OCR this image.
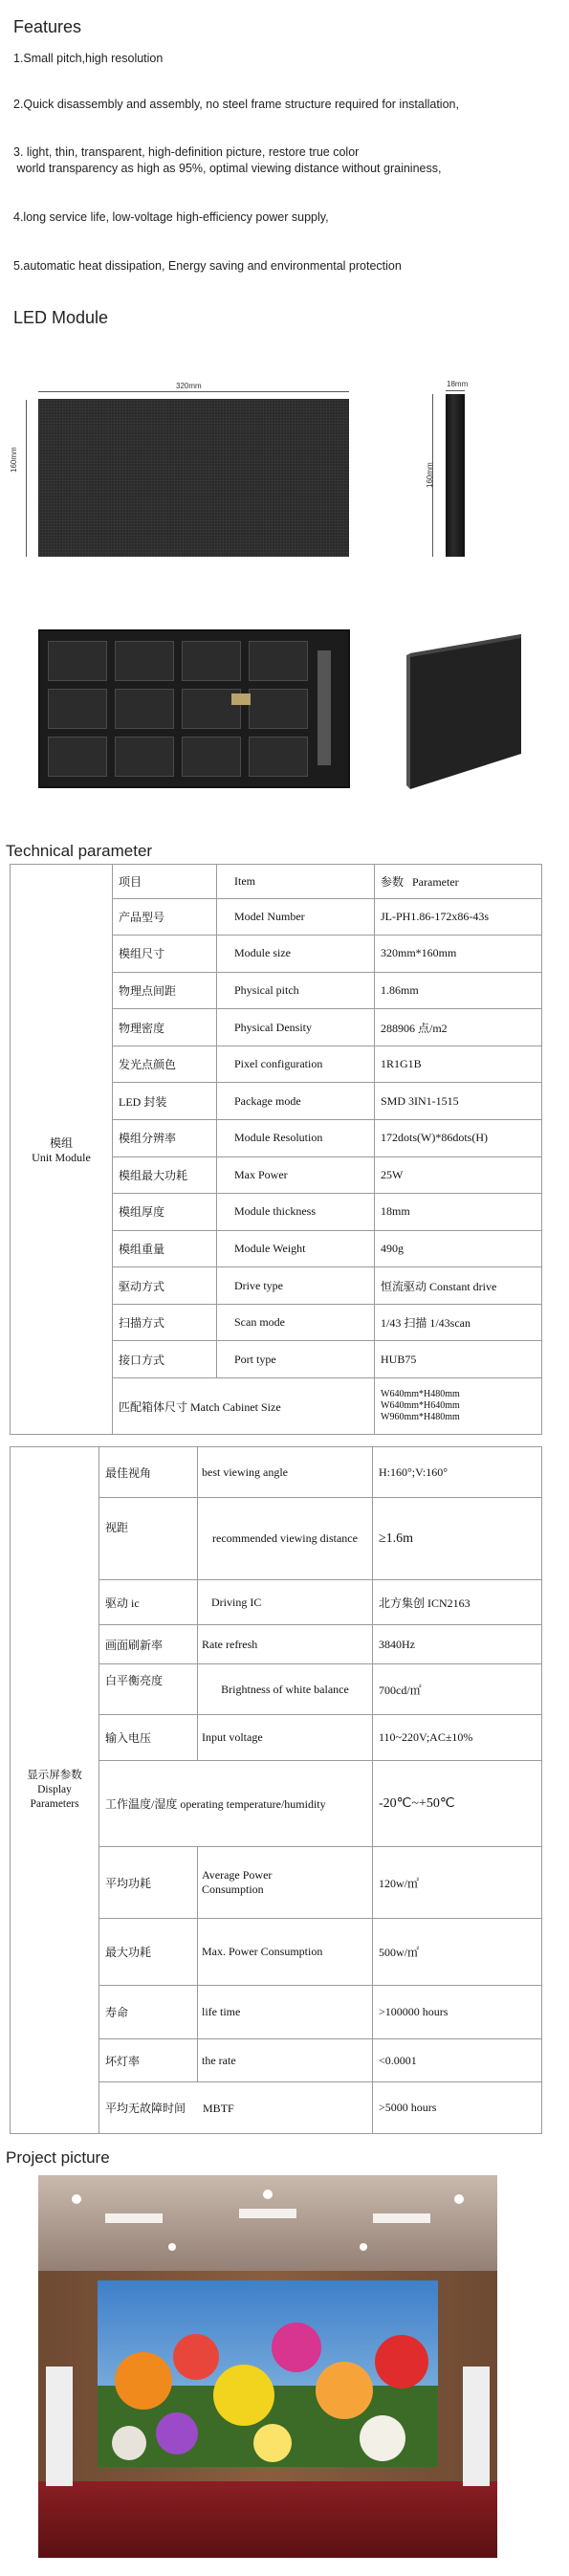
Features
1.Small pitch,high resolution
2.Quick disassembly and assembly, no steel frame structure required for installation,
3. light, thin, transparent, high-definition picture, restore true color
world transparency as high as 95%, optimal viewing distance without graininess,
4.long service life, low-voltage high-efficiency power supply,
5.automatic heat dissipation, Energy saving and environmental protection
LED Module
320mm
160mm
18mm
160mm
Technical parameter
模组
Unit Module	项目	Item	参数   Parameter
	产品型号	Model Number	JL-PH1.86-172x86-43s
	模组尺寸	Module size	320mm*160mm
	物理点间距	Physical pitch	1.86mm
	物理密度	Physical Density	288906 点/m2
	发光点颜色	Pixel configuration	1R1G1B
	LED 封装	Package mode	SMD 3IN1-1515
	模组分辨率	Module Resolution	172dots(W)*86dots(H)
	模组最大功耗	Max Power	25W
	模组厚度	Module thickness	18mm
	模组重量	Module Weight	490g
	驱动方式	Drive type	恒流驱动 Constant drive
	扫描方式	Scan mode	1/43 扫描 1/43scan
	接口方式	Port type	HUB75
	匹配箱体尺寸 Match Cabinet Size		W640mm*H480mm
W640mm*H640mm
W960mm*H480mm
显示屏参数
Display
Parameters	最佳视角	best viewing angle	H:160°;V:160°
	视距	recommended viewing distance	≥1.6m
	驱动 ic	Driving IC	北方集创 ICN2163
	画面刷新率	Rate refresh	3840Hz
	白平衡亮度	Brightness of white balance	700cd/㎡
	输入电压	Input voltage	110~220V;AC±10%
	工作温度/湿度 operating temperature/humidity		-20℃~+50℃
	平均功耗	Average Power Consumption	120w/㎡
	最大功耗	Max. Power Consumption	500w/㎡
	寿命	life time	>100000 hours
	坏灯率	the rate	<0.0001
	平均无故障时间 MBTF		>5000 hours
Project picture
